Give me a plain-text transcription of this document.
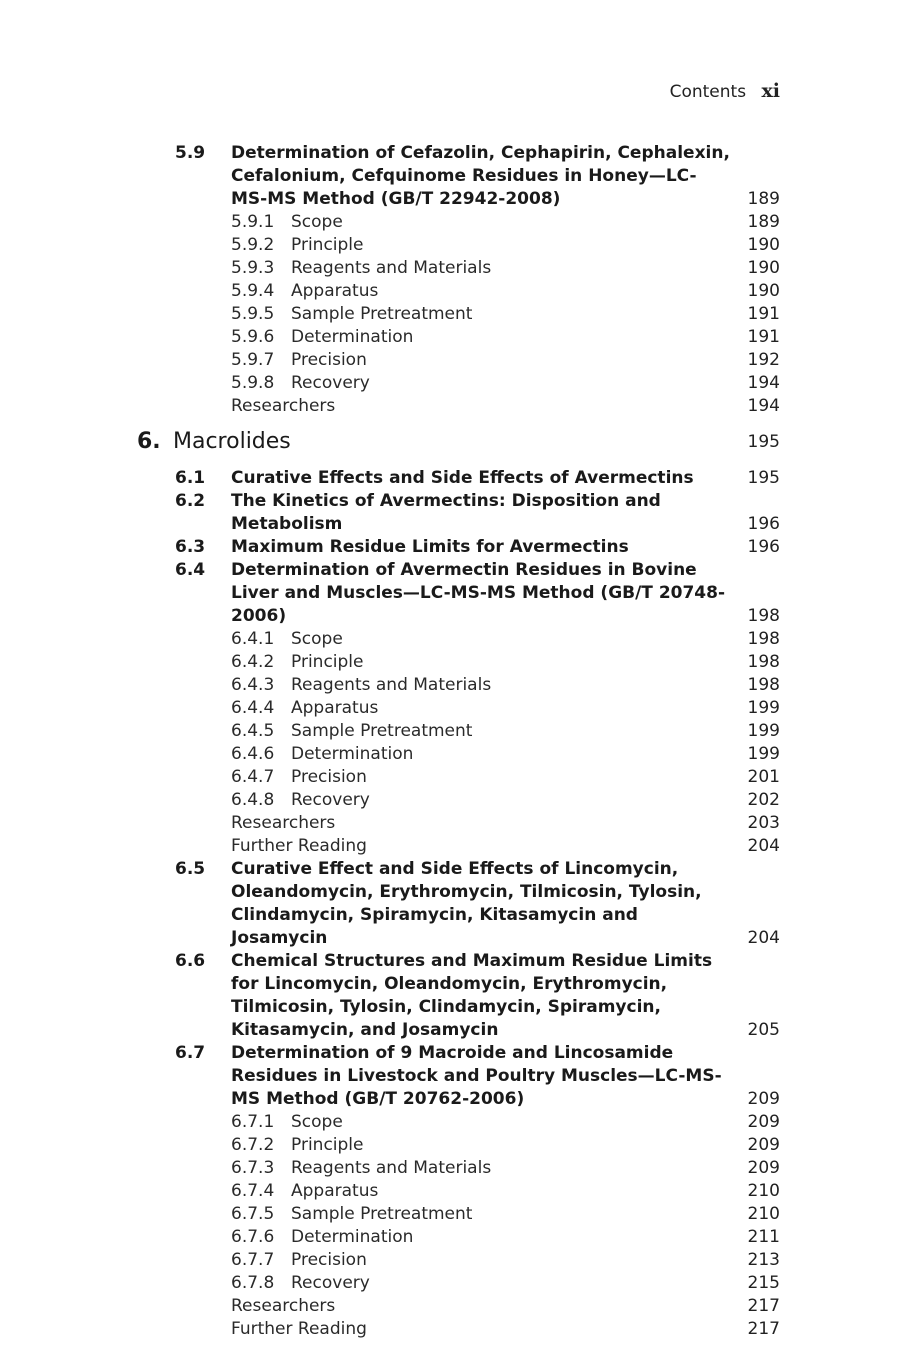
Contents xi
5.9 Determination of Cefazolin, Cephapirin, Cephalexin, Cefalonium, Cefquinome Residues in Honey—LC-MS-MS Method (GB/T 22942-2008)	189
5.9.1 Scope	189
5.9.2 Principle	190
5.9.3 Reagents and Materials	190
5.9.4 Apparatus	190
5.9.5 Sample Pretreatment	191
5.9.6 Determination	191
5.9.7 Precision	192
5.9.8 Recovery	194
Researchers	194
6. Macrolides	195
6.1 Curative Effects and Side Effects of Avermectins	195
6.2 The Kinetics of Avermectins: Disposition and Metabolism	196
6.3 Maximum Residue Limits for Avermectins	196
6.4 Determination of Avermectin Residues in Bovine Liver and Muscles—LC-MS-MS Method (GB/T 20748-2006)	198
6.4.1 Scope	198
6.4.2 Principle	198
6.4.3 Reagents and Materials	198
6.4.4 Apparatus	199
6.4.5 Sample Pretreatment	199
6.4.6 Determination	199
6.4.7 Precision	201
6.4.8 Recovery	202
Researchers	203
Further Reading	204
6.5 Curative Effect and Side Effects of Lincomycin, Oleandomycin, Erythromycin, Tilmicosin, Tylosin, Clindamycin, Spiramycin, Kitasamycin and Josamycin	204
6.6 Chemical Structures and Maximum Residue Limits for Lincomycin, Oleandomycin, Erythromycin, Tilmicosin, Tylosin, Clindamycin, Spiramycin, Kitasamycin, and Josamycin	205
6.7 Determination of 9 Macroide and Lincosamide Residues in Livestock and Poultry Muscles—LC-MS-MS Method (GB/T 20762-2006)	209
6.7.1 Scope	209
6.7.2 Principle	209
6.7.3 Reagents and Materials	209
6.7.4 Apparatus	210
6.7.5 Sample Pretreatment	210
6.7.6 Determination	211
6.7.7 Precision	213
6.7.8 Recovery	215
Researchers	217
Further Reading	217
